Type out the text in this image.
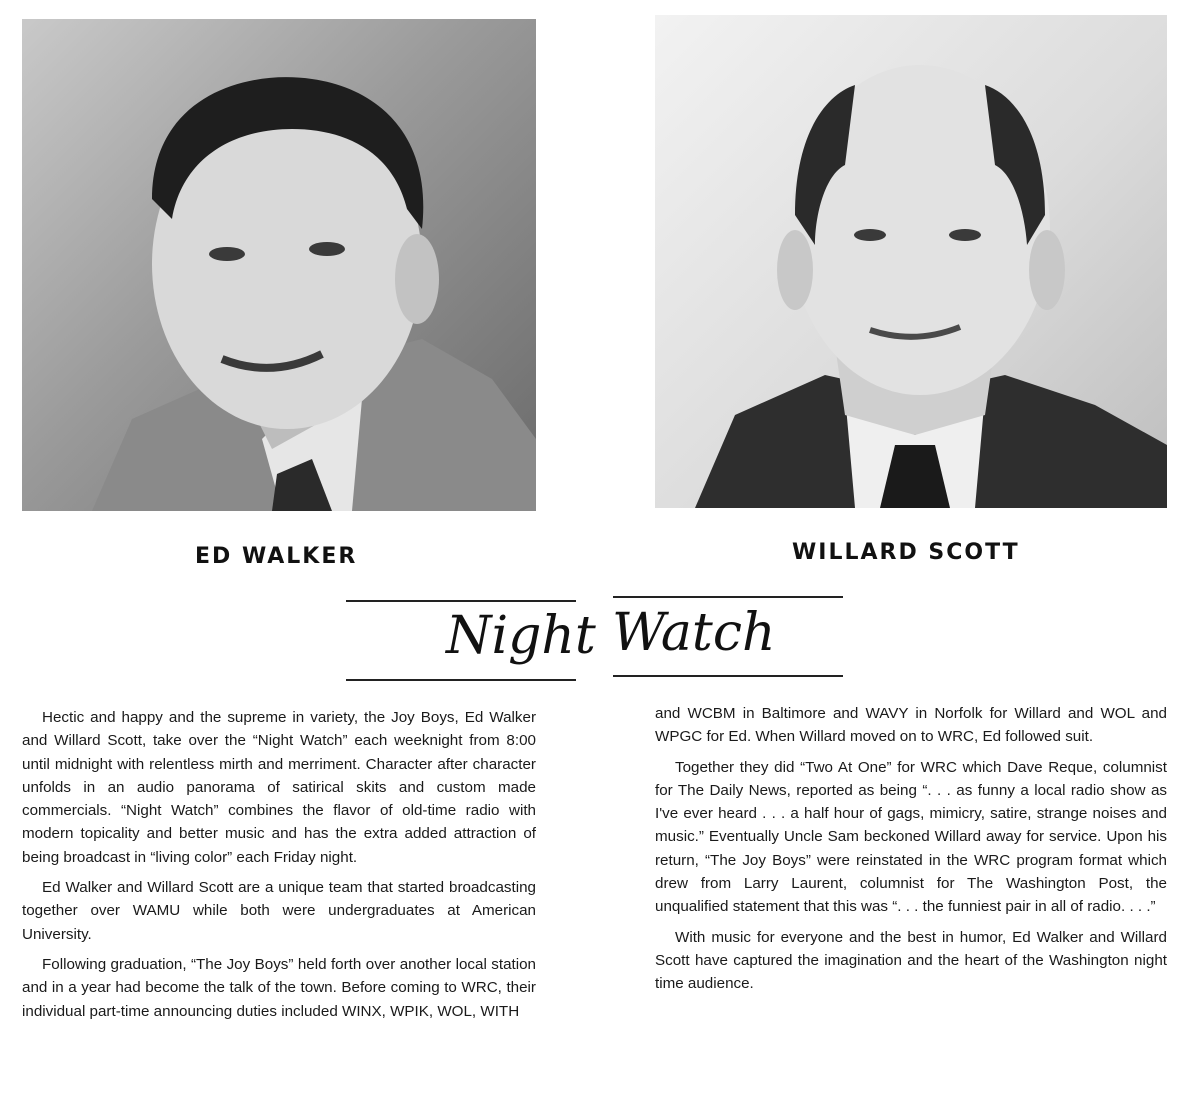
ED WALKER	WILLARD SCOTT
Night Watch

Hectic and happy and the supreme in variety, the Joy Boys, Ed Walker and Willard Scott, take over the “Night Watch” each weeknight from 8:00 until midnight with relentless mirth and merriment. Character after character unfolds in an audio panorama of satirical skits and custom made commercials. “Night Watch” combines the flavor of old-time radio with modern topicality and better music and has the extra added attraction of being broadcast in “living color” each Friday night.

Ed Walker and Willard Scott are a unique team that started broadcasting together over WAMU while both were undergraduates at American University.

Following graduation, “The Joy Boys” held forth over another local station and in a year had become the talk of the town. Before coming to WRC, their individual part-time announcing duties included WINX, WPIK, WOL, WITH

and WCBM in Baltimore and WAVY in Norfolk for Willard and WOL and WPGC for Ed. When Willard moved on to WRC, Ed followed suit.

Together they did “Two At One” for WRC which Dave Reque, columnist for The Daily News, reported as being “. . . as funny a local radio show as I've ever heard . . . a half hour of gags, mimicry, satire, strange noises and music.” Eventually Uncle Sam beckoned Willard away for service. Upon his return, “The Joy Boys” were reinstated in the WRC program format which drew from Larry Laurent, columnist for The Washington Post, the unqualified statement that this was “. . . the funniest pair in all of radio. . . .”

With music for everyone and the best in humor, Ed Walker and Willard Scott have captured the imagination and the heart of the Washington night time audience.
